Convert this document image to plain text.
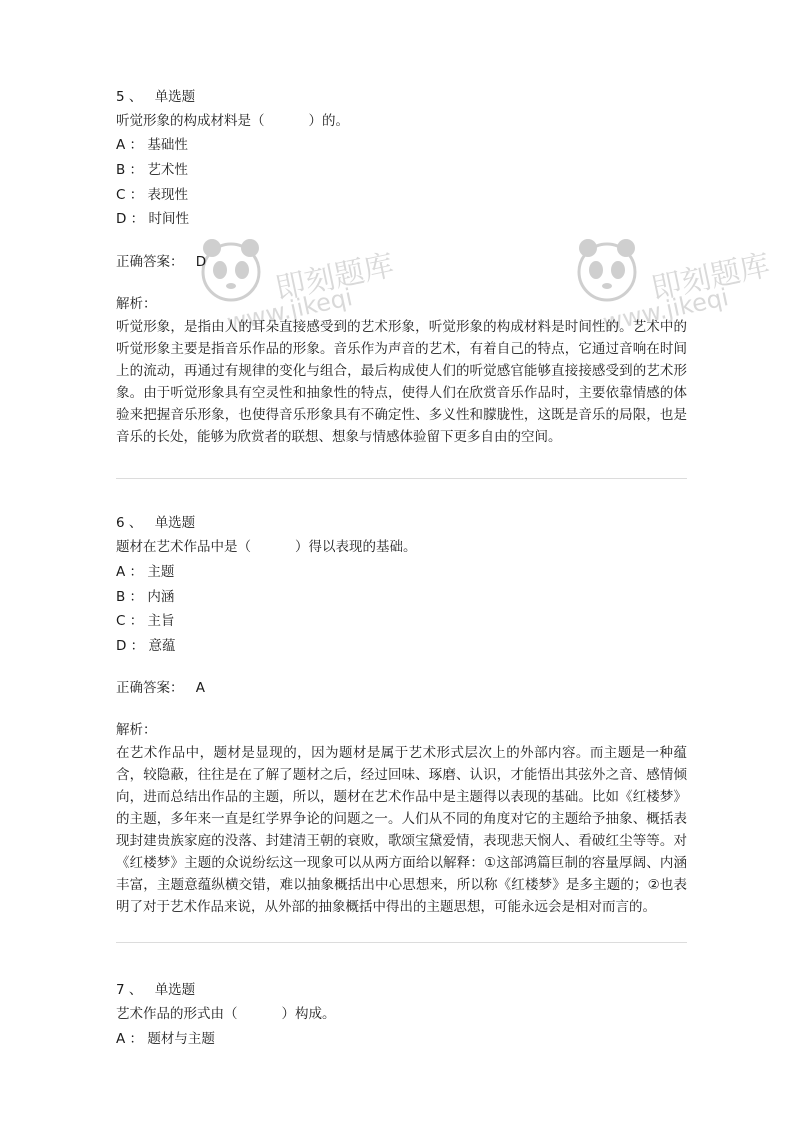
即刻题库
www.jikeqi
即刻题库
www.jikeqi
5 、 单选题
听觉形象的构成材料是（	）的。
A ： 基础性
B ： 艺术性
C ： 表现性
D ： 时间性
正确答案： D
解析：
听觉形象，是指由人的耳朵直接感受到的艺术形象，听觉形象的构成材料是时间性的。艺术中的听觉形象主要是指音乐作品的形象。音乐作为声音的艺术，有着自己的特点，它通过音响在时间上的流动，再通过有规律的变化与组合，最后构成使人们的听觉感官能够直接接感受到的艺术形象。由于听觉形象具有空灵性和抽象性的特点，使得人们在欣赏音乐作品时，主要依靠情感的体验来把握音乐形象，也使得音乐形象具有不确定性、多义性和朦胧性，这既是音乐的局限，也是音乐的长处，能够为欣赏者的联想、想象与情感体验留下更多自由的空间。
6 、 单选题
题材在艺术作品中是（	）得以表现的基础。
A ： 主题
B ： 内涵
C ： 主旨
D ： 意蕴
正确答案： A
解析：
在艺术作品中，题材是显现的，因为题材是属于艺术形式层次上的外部内容。而主题是一种蕴含，较隐蔽，往往是在了解了题材之后，经过回味、琢磨、认识，才能悟出其弦外之音、感情倾向，进而总结出作品的主题，所以，题材在艺术作品中是主题得以表现的基础。比如《红楼梦》的主题，多年来一直是红学界争论的问题之一。人们从不同的角度对它的主题给予抽象、概括表现封建贵族家庭的没落、封建清王朝的衰败，歌颂宝黛爱情，表现悲天悯人、看破红尘等等。对《红楼梦》主题的众说纷纭这一现象可以从两方面给以解释：①这部鸿篇巨制的容量厚阔、内涵丰富，主题意蕴纵横交错，难以抽象概括出中心思想来，所以称《红楼梦》是多主题的；②也表明了对于艺术作品来说，从外部的抽象概括中得出的主题思想，可能永远会是相对而言的。
7 、 单选题
艺术作品的形式由（	）构成。
A ： 题材与主题
